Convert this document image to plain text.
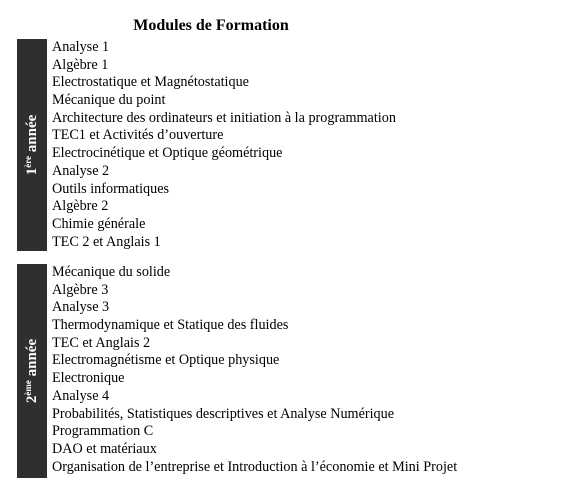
Modules de Formation
1ère année
Analyse 1
Algèbre 1
Electrostatique et Magnétostatique
Mécanique du point
Architecture des ordinateurs et initiation à la programmation
TEC1 et Activités d’ouverture
Electrocinétique et Optique géométrique
Analyse 2
Outils informatiques
Algèbre 2
Chimie générale
TEC 2 et Anglais 1
2ème année
Mécanique du solide
Algèbre 3
Analyse 3
Thermodynamique et Statique des fluides
TEC et Anglais 2
Electromagnétisme et Optique physique
Electronique
Analyse 4
Probabilités, Statistiques descriptives et Analyse Numérique
Programmation C
DAO et matériaux
Organisation de l’entreprise et Introduction à l’économie et Mini Projet
